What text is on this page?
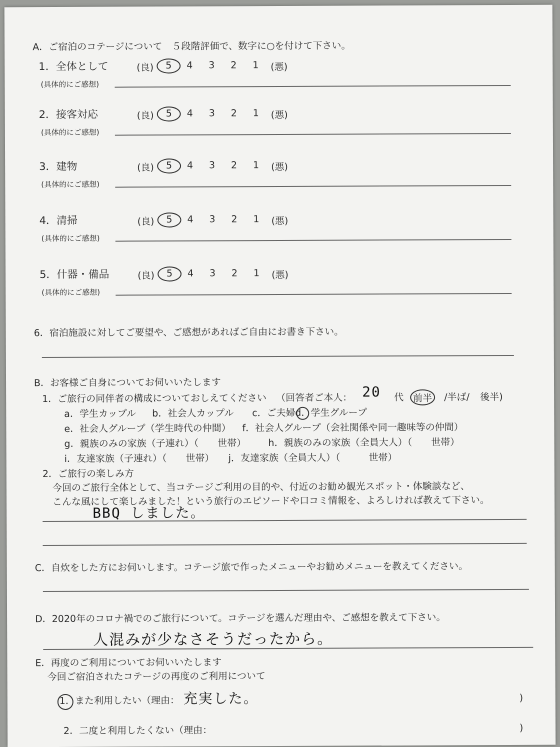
A．ご宿泊のコテージについて　５段階評価で、数字に○を付けて下さい。
1．全体として	(良)	5 4 3 2 1	(悪)
(具体的にご感想)
2．接客対応	(良)	5 4 3 2 1	(悪)
(具体的にご感想)
3．建物	(良)	5 4 3 2 1	(悪)
(具体的にご感想)
4．清掃	(良)	5 4 3 2 1	(悪)
(具体的にご感想)
5．什器・備品	(良)	5 4 3 2 1	(悪)
(具体的にご感想)
6．宿泊施設に対してご要望や、ご感想があればご自由にお書き下さい。
B．お客様ご自身についてお伺いいたします
1．ご旅行の同伴者の構成についておしえてください （回答者ご本人： 20 代 前半	/半ば/ 後半)
a．学生カップル b．社会人カップル c．ご夫婦 d．学生グループ
e．社会人グループ（学生時代の仲間） f．社会人グループ（会社関係や同一趣味等の仲間）
g．親族のみの家族（子連れ）（　　世帯） h．親族のみの家族（全員大人）（　　世帯）
i．友達家族（子連れ）（　　世帯） j．友達家族（全員大人）（　　　世帯）
2．ご旅行の楽しみ方
今回のご旅行全体として、当コテージご利用の目的や、付近のお勧め観光スポット・体験談など、
こんな風にして楽しみました！という旅行のエピソードや口コミ情報を、よろしければ教えて下さい。
BBQ しました。
C．自炊をした方にお伺いします。コテージ旅で作ったメニューやお勧めメニューを教えてください。
D．2020年のコロナ禍でのご旅行について。コテージを選んだ理由や、ご感想を教えて下さい。
人混みが少なさそうだったから。
E．再度のご利用についてお伺いいたします
今回ご宿泊されたコテージの再度のご利用について
1．また利用したい（理由： 充実した。	)
2．二度と利用したくない（理由：	)
